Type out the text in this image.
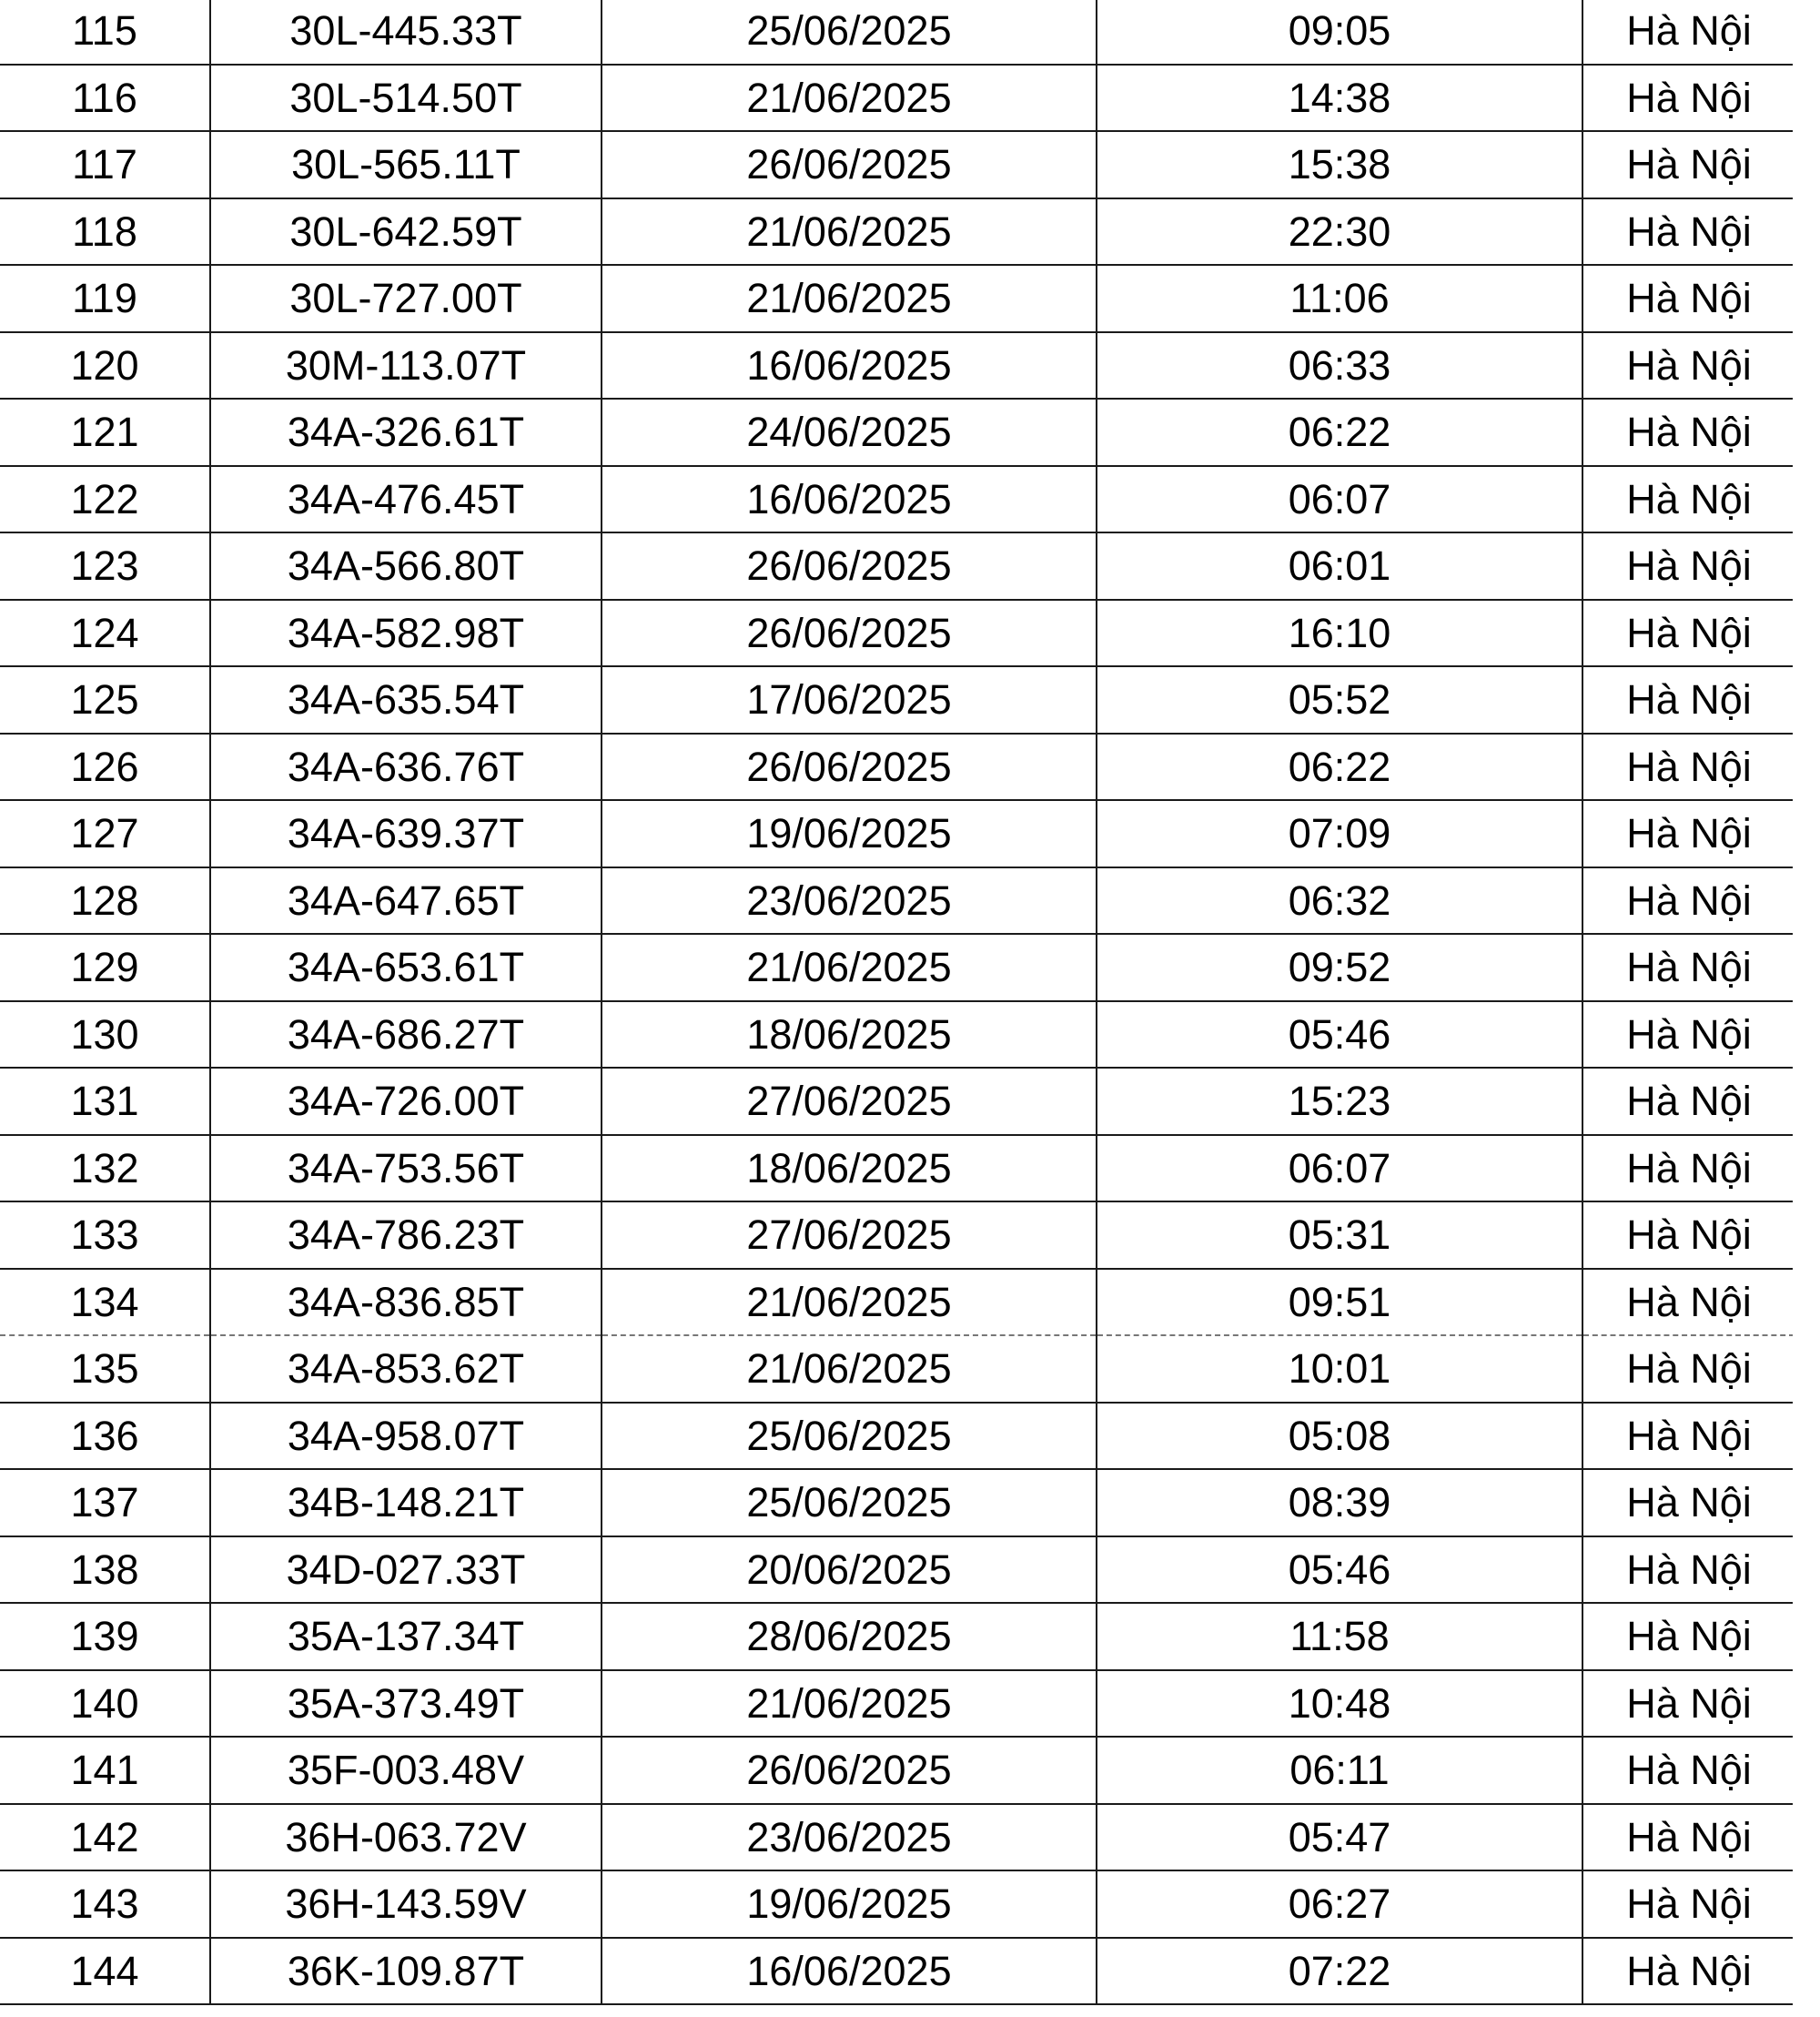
115	30L-445.33T	25/06/2025	09:05	Hà Nội
116	30L-514.50T	21/06/2025	14:38	Hà Nội
117	30L-565.11T	26/06/2025	15:38	Hà Nội
118	30L-642.59T	21/06/2025	22:30	Hà Nội
119	30L-727.00T	21/06/2025	11:06	Hà Nội
120	30M-113.07T	16/06/2025	06:33	Hà Nội
121	34A-326.61T	24/06/2025	06:22	Hà Nội
122	34A-476.45T	16/06/2025	06:07	Hà Nội
123	34A-566.80T	26/06/2025	06:01	Hà Nội
124	34A-582.98T	26/06/2025	16:10	Hà Nội
125	34A-635.54T	17/06/2025	05:52	Hà Nội
126	34A-636.76T	26/06/2025	06:22	Hà Nội
127	34A-639.37T	19/06/2025	07:09	Hà Nội
128	34A-647.65T	23/06/2025	06:32	Hà Nội
129	34A-653.61T	21/06/2025	09:52	Hà Nội
130	34A-686.27T	18/06/2025	05:46	Hà Nội
131	34A-726.00T	27/06/2025	15:23	Hà Nội
132	34A-753.56T	18/06/2025	06:07	Hà Nội
133	34A-786.23T	27/06/2025	05:31	Hà Nội
134	34A-836.85T	21/06/2025	09:51	Hà Nội
135	34A-853.62T	21/06/2025	10:01	Hà Nội
136	34A-958.07T	25/06/2025	05:08	Hà Nội
137	34B-148.21T	25/06/2025	08:39	Hà Nội
138	34D-027.33T	20/06/2025	05:46	Hà Nội
139	35A-137.34T	28/06/2025	11:58	Hà Nội
140	35A-373.49T	21/06/2025	10:48	Hà Nội
141	35F-003.48V	26/06/2025	06:11	Hà Nội
142	36H-063.72V	23/06/2025	05:47	Hà Nội
143	36H-143.59V	19/06/2025	06:27	Hà Nội
144	36K-109.87T	16/06/2025	07:22	Hà Nội
